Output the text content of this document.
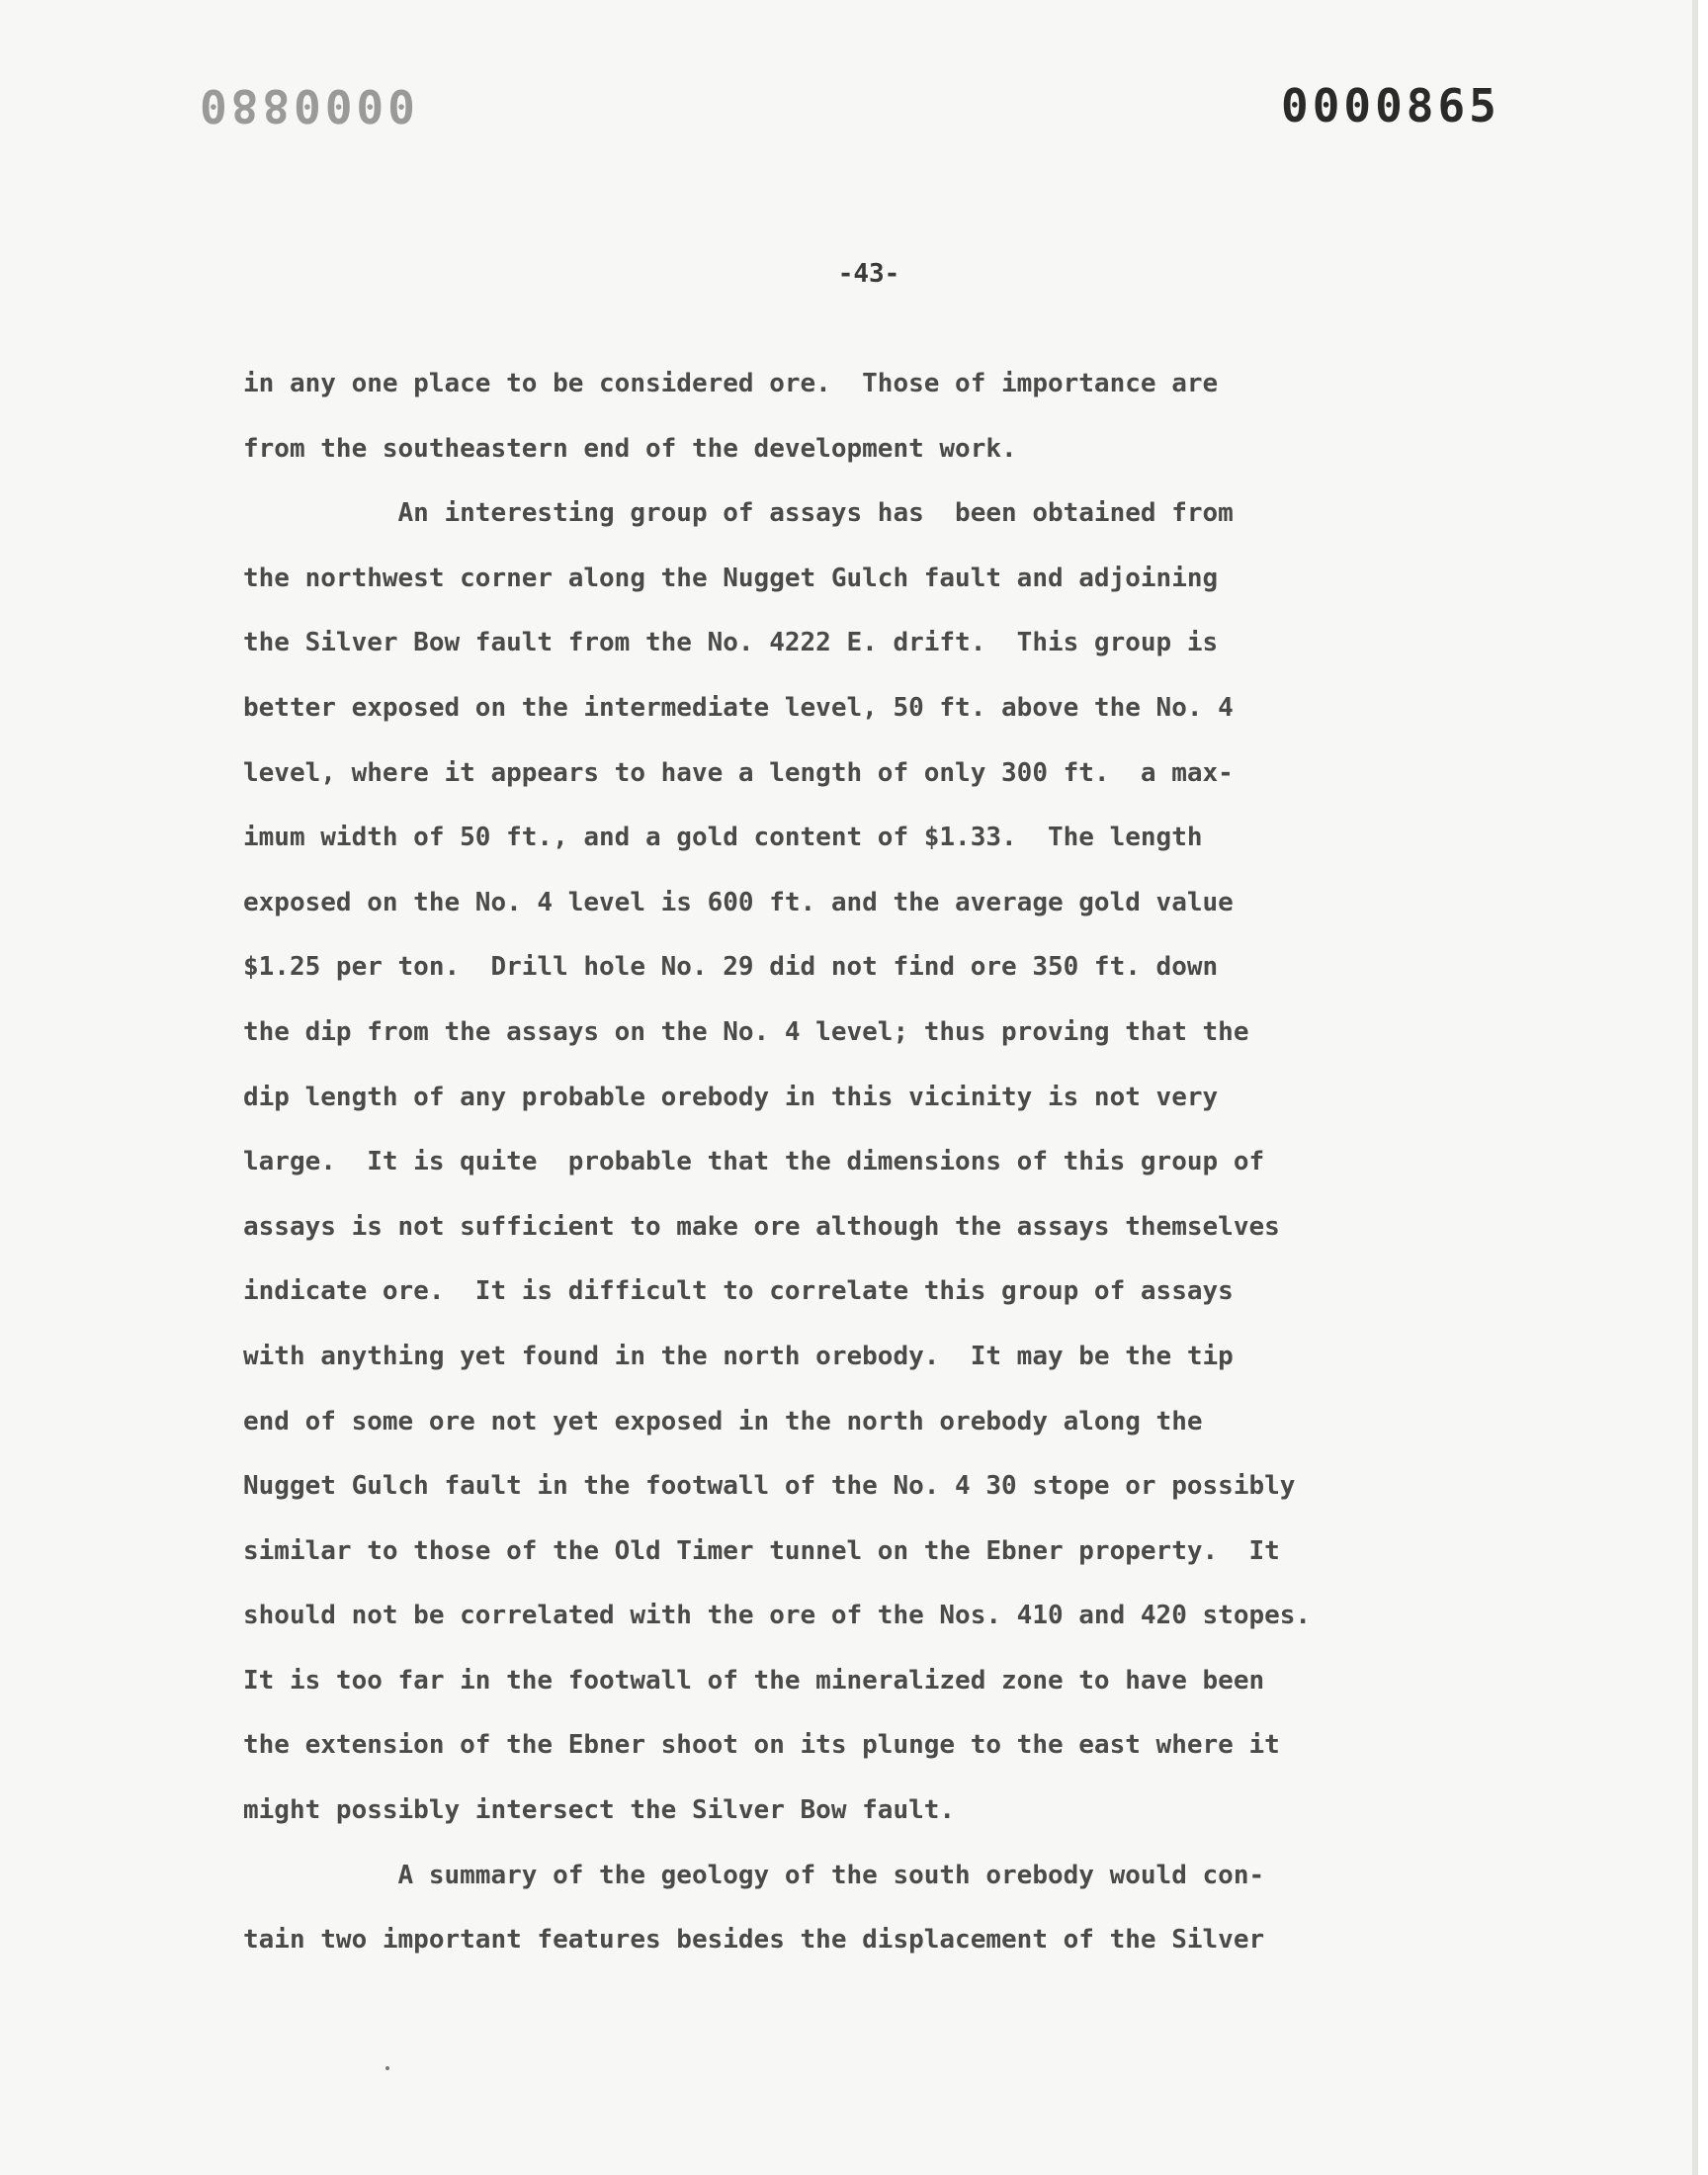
0000880	0000865
-43-
in any one place to be considered ore.  Those of importance are
from the southeastern end of the development work.
An interesting group of assays has  been obtained from
the northwest corner along the Nugget Gulch fault and adjoining
the Silver Bow fault from the No. 4222 E. drift.  This group is
better exposed on the intermediate level, 50 ft. above the No. 4
level, where it appears to have a length of only 300 ft.  a max-
imum width of 50 ft., and a gold content of $1.33.  The length
exposed on the No. 4 level is 600 ft. and the average gold value
$1.25 per ton.  Drill hole No. 29 did not find ore 350 ft. down
the dip from the assays on the No. 4 level; thus proving that the
dip length of any probable orebody in this vicinity is not very
large.  It is quite  probable that the dimensions of this group of
assays is not sufficient to make ore although the assays themselves
indicate ore.  It is difficult to correlate this group of assays
with anything yet found in the north orebody.  It may be the tip
end of some ore not yet exposed in the north orebody along the
Nugget Gulch fault in the footwall of the No. 4 30 stope or possibly
similar to those of the Old Timer tunnel on the Ebner property.  It
should not be correlated with the ore of the Nos. 410 and 420 stopes.
It is too far in the footwall of the mineralized zone to have been
the extension of the Ebner shoot on its plunge to the east where it
might possibly intersect the Silver Bow fault.
A summary of the geology of the south orebody would con-
tain two important features besides the displacement of the Silver
